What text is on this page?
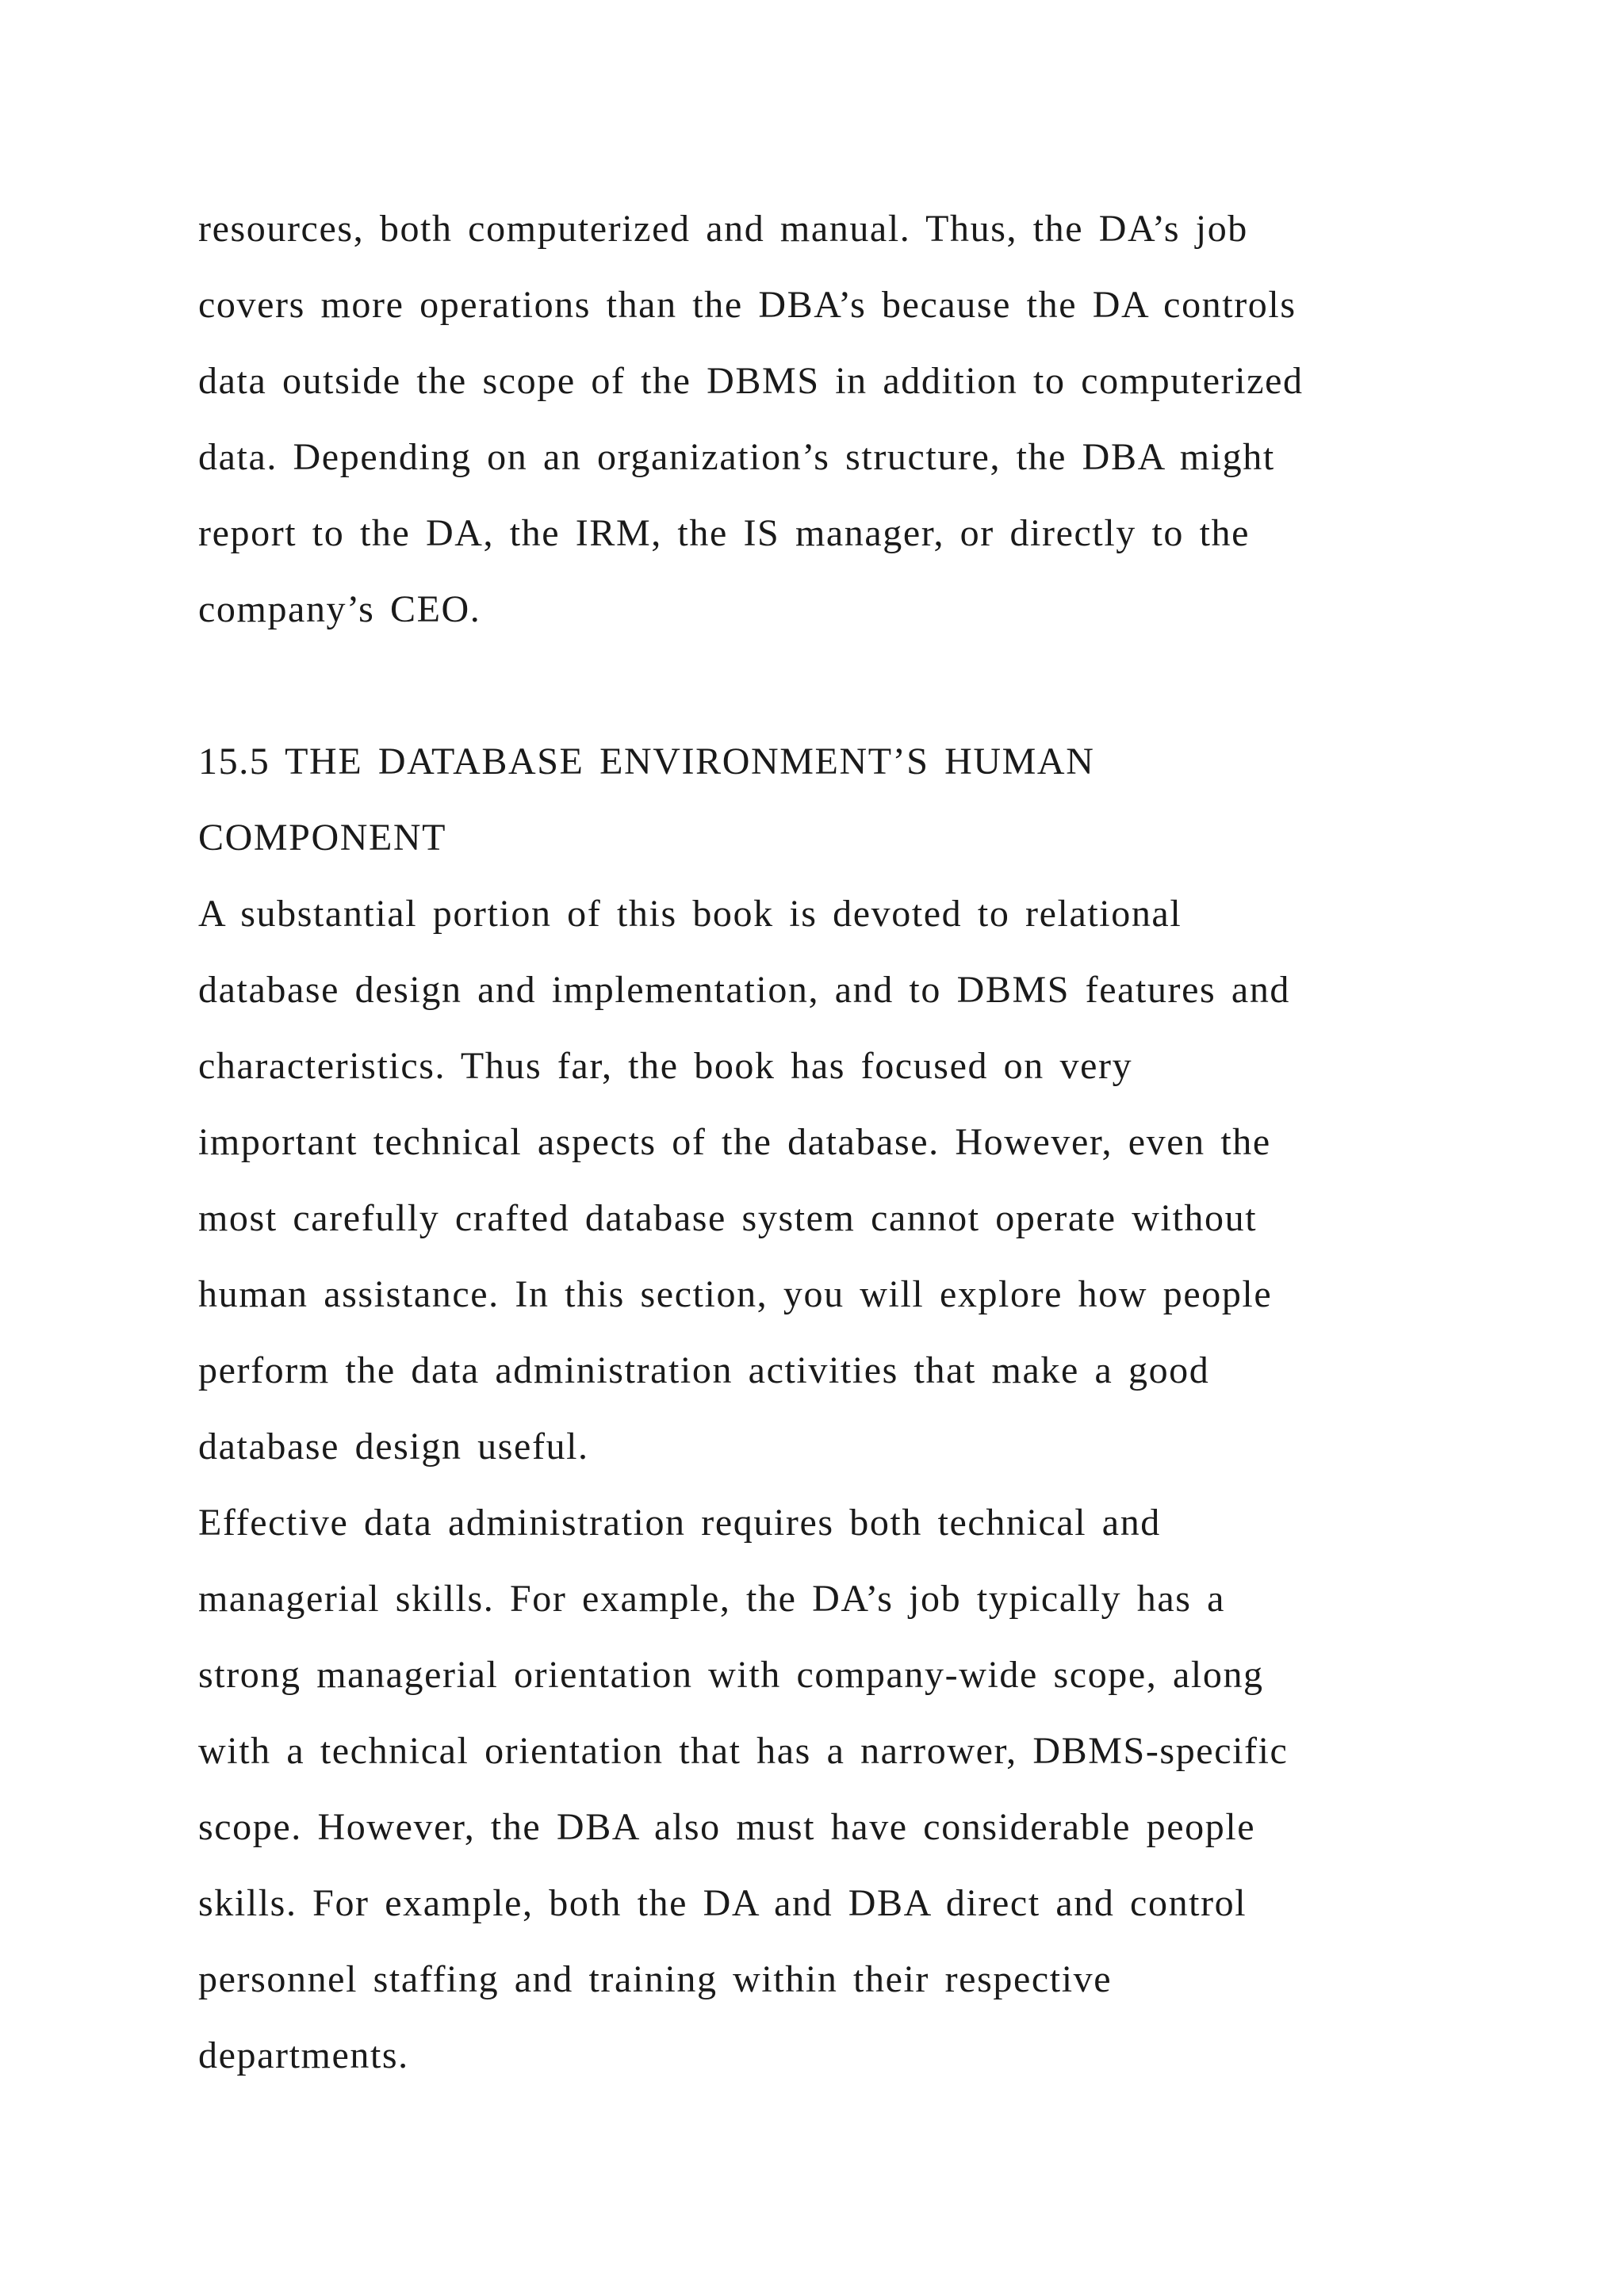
resources, both computerized and manual. Thus, the DA’s job
covers more operations than the DBA’s because the DA controls
data outside the scope of the DBMS in addition to computerized
data. Depending on an organization’s structure, the DBA might
report to the DA, the IRM, the IS manager, or directly to the
company’s CEO.
15.5 THE DATABASE ENVIRONMENT’S HUMAN
COMPONENT
A substantial portion of this book is devoted to relational
database design and implementation, and to DBMS features and
characteristics. Thus far, the book has focused on very
important technical aspects of the database. However, even the
most carefully crafted database system cannot operate without
human assistance. In this section, you will explore how people
perform the data administration activities that make a good
database design useful.
Effective data administration requires both technical and
managerial skills. For example, the DA’s job typically has a
strong managerial orientation with company-wide scope, along
with a technical orientation that has a narrower, DBMS-specific
scope. However, the DBA also must have considerable people
skills. For example, both the DA and DBA direct and control
personnel staffing and training within their respective
departments.
